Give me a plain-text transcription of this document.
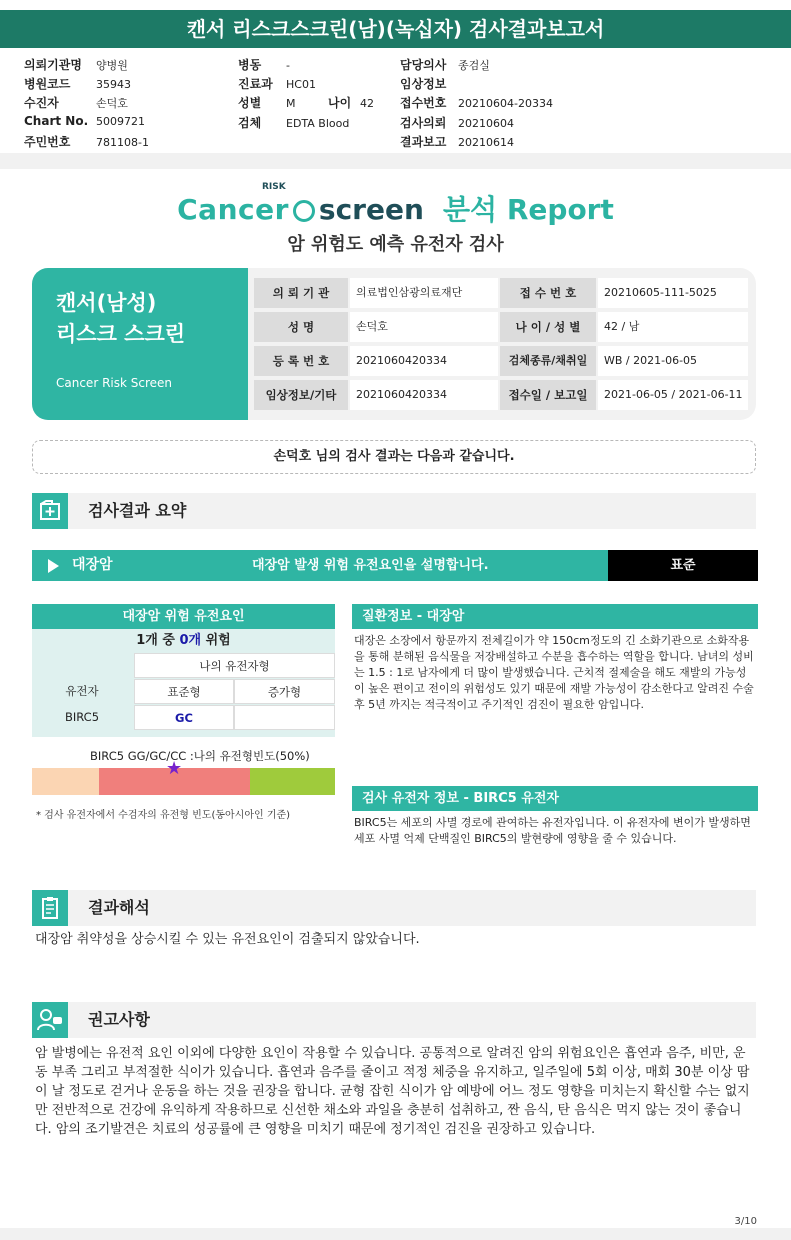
캔서 리스크스크린(남)(녹십자) 검사결과보고서
의뢰기관명 양병원
병원코드 35943
수진자	손덕호
Chart No. 5009721
주민번호 781108-1
병동 -
진료과 HC01
성별 M	나이 42
검체 EDTA Blood
담당의사 종검실
임상정보
접수번호 20210604-20334
검사의뢰 20210604
결과보고 20210614
Cancer screen 분석 Report
RISK
암 위험도 예측 유전자 검사
캔서(남성)
리스크 스크린
Cancer Risk Screen
의 뢰 기 관	의료법인삼광의료재단	접 수 번 호	20210605-111-5025
성 명	손덕호	나 이 / 성 별	42 / 남
등 록 번 호	2021060420334	검체종류/채취일	WB / 2021-06-05
임상정보/기타	2021060420334	접수일 / 보고일	2021-06-05 / 2021-06-11
손덕호 님의 검사 결과는 다음과 같습니다.
검사결과 요약
대장암	대장암 발생 위험 유전요인을 설명합니다.	표준
대장암 위험 유전요인
1개 중 0개 위험
나의 유전자형
유전자	표준형	증가형
BIRC5	GC
BIRC5 GG/GC/CC :나의 유전형빈도(50%)
★
* 검사 유전자에서 수검자의 유전형 빈도(동아시아인 기준)
질환정보 - 대장암
대장은 소장에서 항문까지 전체길이가 약 150cm정도의 긴 소화기관으로 소화작용을 통해 분해된 음식물을 저장배설하고 수분을 흡수하는 역할을 합니다. 남녀의 성비는 1.5 : 1로 남자에게 더 많이 발생했습니다. 근치적 절제술을 해도 재발의 가능성이 높은 편이고 전이의 위험성도 있기 때문에 재발 가능성이 감소한다고 알려진 수술 후 5년 까지는 적극적이고 주기적인 검진이 필요한 암입니다.
검사 유전자 정보 - BIRC5 유전자
BIRC5는 세포의 사멸 경로에 관여하는 유전자입니다. 이 유전자에 변이가 발생하면 세포 사멸 억제 단백질인 BIRC5의 발현량에 영향을 줄 수 있습니다.
결과해석
대장암 취약성을 상승시킬 수 있는 유전요인이 검출되지 않았습니다.
권고사항
암 발병에는 유전적 요인 이외에 다양한 요인이 작용할 수 있습니다. 공통적으로 알려진 암의 위험요인은 흡연과 음주, 비만, 운동 부족 그리고 부적절한 식이가 있습니다. 흡연과 음주를 줄이고 적정 체중을 유지하고, 일주일에 5회 이상, 매회 30분 이상 땀이 날 정도로 걷거나 운동을 하는 것을 권장을 합니다. 균형 잡힌 식이가 암 예방에 어느 정도 영향을 미치는지 확신할 수는 없지만 전반적으로 건강에 유익하게 작용하므로 신선한 채소와 과일을 충분히 섭취하고, 짠 음식, 탄 음식은 먹지 않는 것이 좋습니다. 암의 조기발견은 치료의 성공률에 큰 영향을 미치기 때문에 정기적인 검진을 권장하고 있습니다.
3/10
